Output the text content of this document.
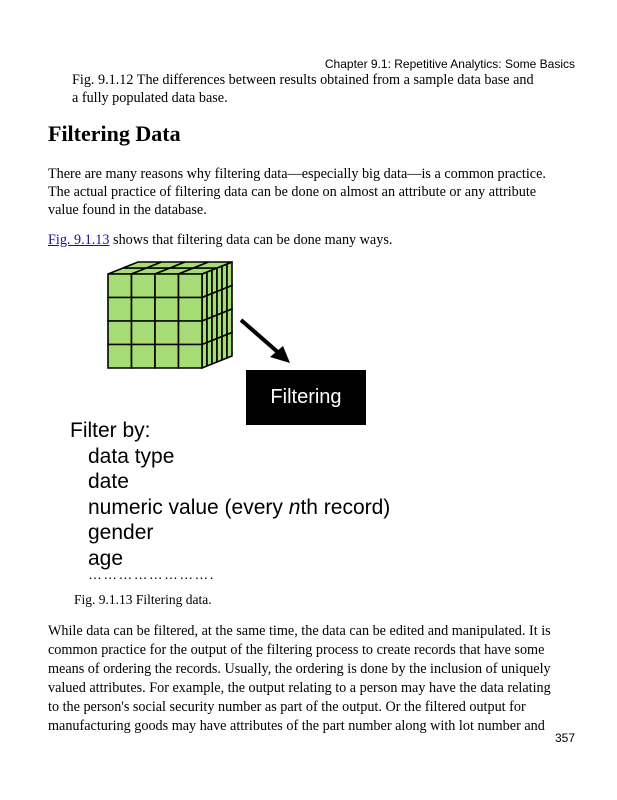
Chapter 9.1: Repetitive Analytics: Some Basics
Fig. 9.1.12 The differences between results obtained from a sample data base and
a fully populated data base.
Filtering Data
There are many reasons why filtering data—especially big data—is a common practice.
The actual practice of filtering data can be done on almost an attribute or any attribute
value found in the database.
Fig. 9.1.13 shows that filtering data can be done many ways.
Filtering
Filter by:
data type
date
numeric value (every nth record)
gender
age
…………………….
Fig. 9.1.13 Filtering data.
While data can be filtered, at the same time, the data can be edited and manipulated. It is
common practice for the output of the filtering process to create records that have some
means of ordering the records. Usually, the ordering is done by the inclusion of uniquely
valued attributes. For example, the output relating to a person may have the data relating
to the person's social security number as part of the output. Or the filtered output for
manufacturing goods may have attributes of the part number along with lot number and
357
